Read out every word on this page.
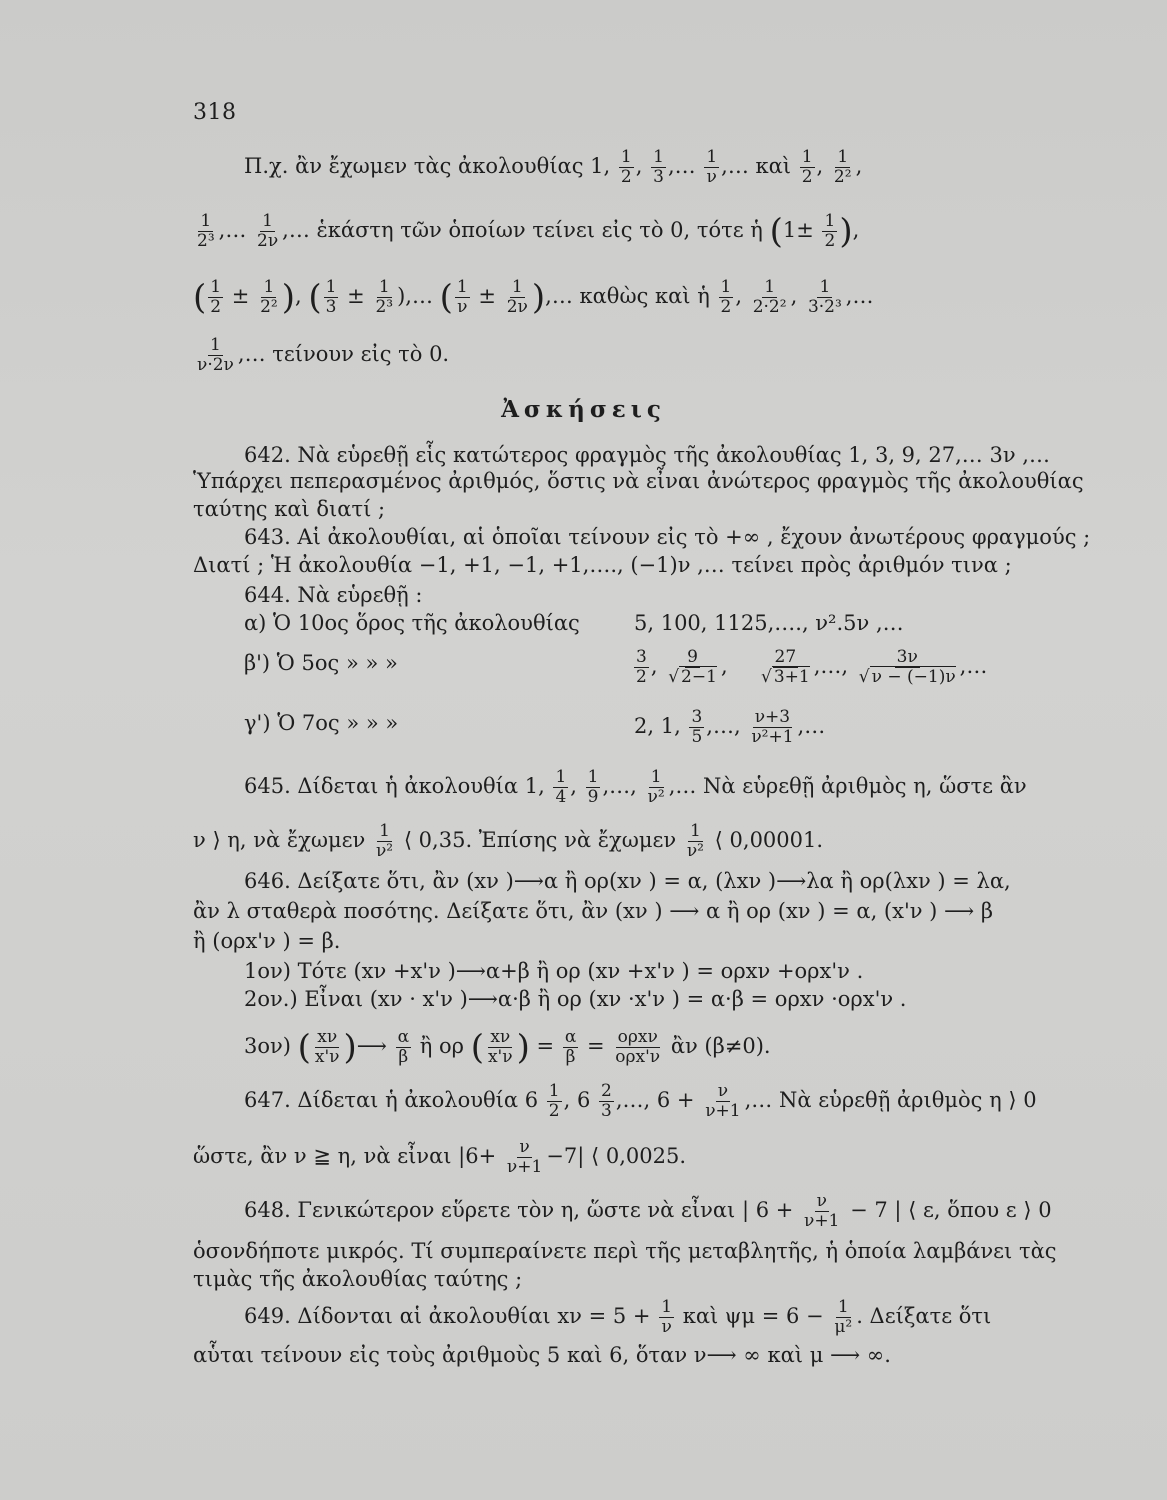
318
Π.χ. ἂν ἔχωμεν τὰς ἀκολουθίας 1, $\frac{1}{2}$ , $\frac{1}{3}$ ,… $\frac{1}{\nu}$ ,… καὶ $\frac{1}{2}$ , $\frac{1}{\text{2²}}$ ,
$\frac{1}{\text{2³}}$ ,… $\frac{1}{2\nu}$ ,… ἑκάστη τῶν ὁποίων τείνει εἰς τὸ 0, τότε ἡ ($1\pm \frac{1}{2}$ ),
( $\frac{1}{2} \pm \frac{1}{\text{2²}}$ ), ( $\frac{1}{3} \pm \frac{1}{\text{2³}}$ ),… ( $\frac{1}{\nu} \pm \frac{1}{2\nu}$ ),… καθὼς καὶ ἡ $\frac{1}{2}$ , $\frac{1}{\text{2·2²}}$ , $\frac{1}{\text{3·2³}}$ ,…
$\frac{1}{\nu\cdot 2\nu}$ ,… τείνουν εἰς τὸ 0.
Ἀσκήσεις
642. Νὰ εὑρεθῇ εἷς κατώτερος φραγμὸς τῆς ἀκολουθίας 1, 3, 9, 27,… 3ν ,…
Ὑπάρχει πεπερασμένος ἀριθμός, ὅστις νὰ εἶναι ἀνώτερος φραγμὸς τῆς ἀκολουθίας
ταύτης καὶ διατί ;
643. Αἱ ἀκολουθίαι, αἱ ὁποῖαι τείνουν εἰς τὸ +∞ , ἔχουν ἀνωτέρους φραγμούς ;
Διατί ; Ἡ ἀκολουθία −1, +1, −1, +1,…., (−1)ν ,… τείνει πρὸς ἀριθμόν τινα ;
644. Νὰ εὑρεθῇ :
α) Ὁ 10ος ὅρος τῆς ἀκολουθίας	5, 100, 1125,…., ν².5ν ,…
β') Ὁ 5ος » » »	$\frac{3}{2}$ , $\frac{9}{√ 2-1}$ , $\frac{27}{√ 3+1}$ ,…, $\frac{3\nu}{√ \nu - (-1)\nu}$ ,…
γ') Ὁ 7ος » » »	2, 1, $\frac{3}{5}$ ,…, $\frac{\nu+3}{\text{ν²+1}}$ ,…
645. Δίδεται ἡ ἀκολουθία 1, $\frac{1}{4}$ , $\frac{1}{9}$ ,…, $\frac{1}{\text{ν²}}$ ,… Νὰ εὑρεθῇ ἀριθμὸς η, ὥστε ἂν
ν ⟩ η, νὰ ἔχωμεν $\frac{1}{\text{ν²}}$ ⟨ 0,35. Ἐπίσης νὰ ἔχωμεν $\frac{1}{\text{ν²}}$ ⟨ 0,00001.
646. Δείξατε ὅτι, ἂν (xν )⟶α ἢ ορ(xν ) = α, (λxν )⟶λα ἢ ορ(λxν ) = λα,
ἂν λ σταθερὰ ποσότης. Δείξατε ὅτι, ἂν (xν ) ⟶ α ἢ ορ (xν ) = α, (x'ν ) ⟶ β
ἢ (ορx'ν ) = β.
1ον) Τότε (xν +x'ν )⟶α+β ἢ ορ (xν +x'ν ) = ορxν +ορx'ν .
2ον.) Εἶναι (xν · x'ν )⟶α·β ἢ ορ (xν ·x'ν ) = α·β = ορxν ·ορx'ν .
3ον) ( $\frac{x\nu}{x'\nu}$ )⟶ $\frac{\alpha}{\beta}$ ἢ ορ ( $\frac{x\nu}{x'\nu}$ ) = $\frac{\alpha}{\beta} = \frac{\text{ορxν}}{\text{ορx'ν}}$ ἂν (β≠0).
647. Δίδεται ἡ ἀκολουθία $6 \frac{1}{2}$ , $6 \frac{2}{3}$ ,…, $6 + \frac{\nu}{\nu+1}$ ,… Νὰ εὑρεθῇ ἀριθμὸς η ⟩ 0
ὥστε, ἂν ν ≧ η, νὰ εἶναι $|6+ \frac{\nu}{\nu+1} -7|$ ⟨ 0,0025.
648. Γενικώτερον εὕρετε τὸν η, ὥστε νὰ εἶναι | $6 + \frac{\nu}{\nu+1} - 7$ | ⟨ ε, ὅπου ε ⟩ 0
ὁσονδήποτε μικρός. Τί συμπεραίνετε περὶ τῆς μεταβλητῆς, ἡ ὁποία λαμβάνει τὰς
τιμὰς τῆς ἀκολουθίας ταύτης ;
649. Δίδονται αἱ ἀκολουθίαι $x\nu = 5 + \frac{1}{\nu}$ καὶ $\psi\mu = 6 - \frac{1}{\text{μ²}}$ . Δείξατε ὅτι
αὗται τείνουν εἰς τοὺς ἀριθμοὺς 5 καὶ 6, ὅταν ν⟶ ∞ καὶ μ ⟶ ∞.
